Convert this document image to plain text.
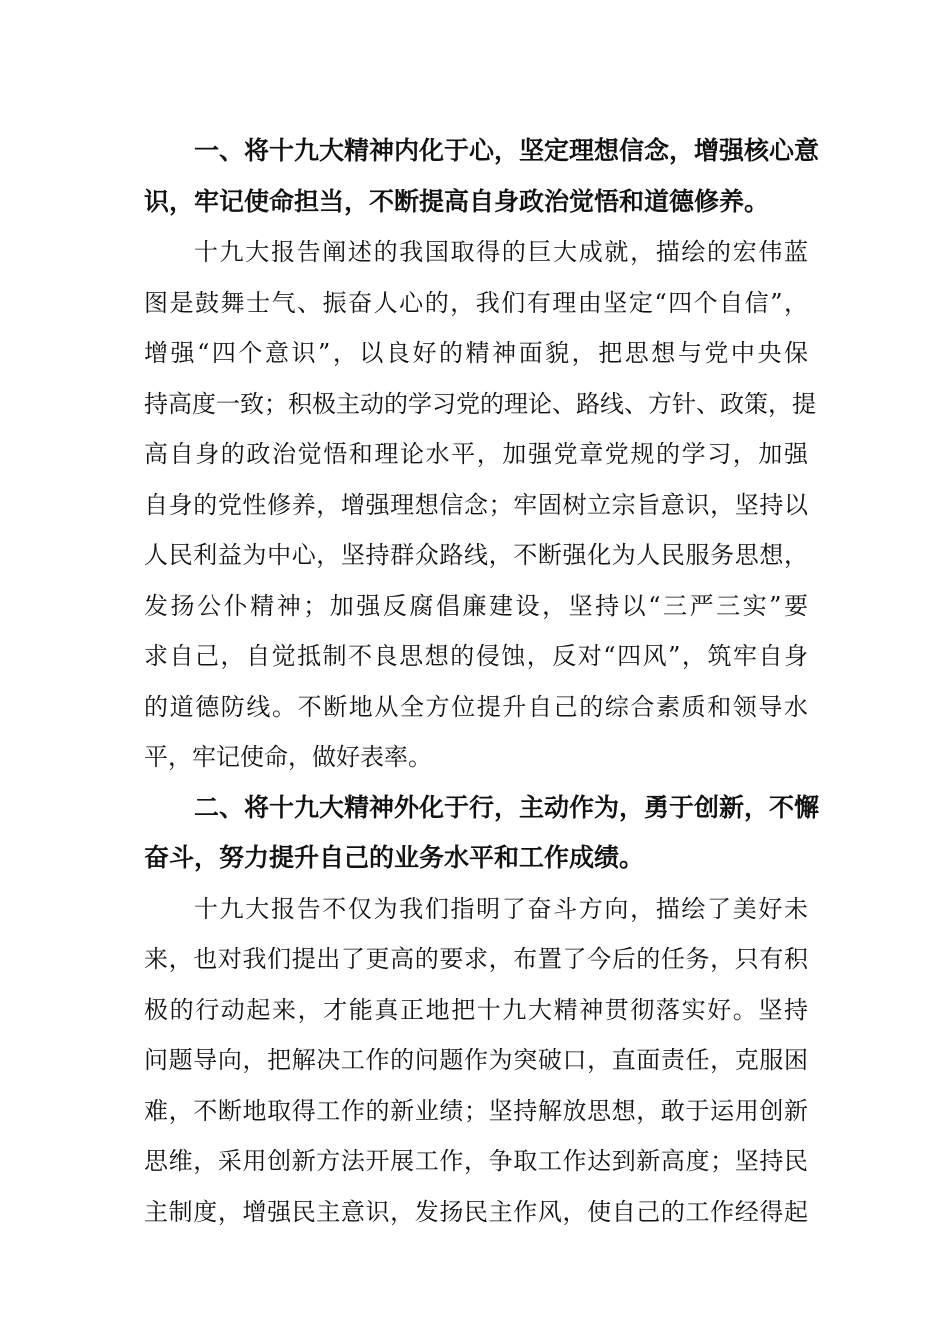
一、将十九大精神内化于心，坚定理想信念，增强核心意
识，牢记使命担当，不断提高自身政治觉悟和道德修养。
十九大报告阐述的我国取得的巨大成就，描绘的宏伟蓝
图是鼓舞士气、振奋人心的，我们有理由坚定“四个自信”，
增强“四个意识”，以良好的精神面貌，把思想与党中央保
持高度一致；积极主动的学习党的理论、路线、方针、政策，提
高自身的政治觉悟和理论水平，加强党章党规的学习，加强
自身的党性修养，增强理想信念；牢固树立宗旨意识，坚持以
人民利益为中心，坚持群众路线，不断强化为人民服务思想，
发扬公仆精神；加强反腐倡廉建设，坚持以“三严三实”要
求自己，自觉抵制不良思想的侵蚀，反对“四风”，筑牢自身
的道德防线。不断地从全方位提升自己的综合素质和领导水
平，牢记使命，做好表率。
二、将十九大精神外化于行，主动作为，勇于创新，不懈
奋斗，努力提升自己的业务水平和工作成绩。
十九大报告不仅为我们指明了奋斗方向，描绘了美好未
来，也对我们提出了更高的要求，布置了今后的任务，只有积
极的行动起来，才能真正地把十九大精神贯彻落实好。坚持
问题导向，把解决工作的问题作为突破口，直面责任，克服困
难，不断地取得工作的新业绩；坚持解放思想，敢于运用创新
思维，采用创新方法开展工作，争取工作达到新高度；坚持民
主制度，增强民主意识，发扬民主作风，使自己的工作经得起
